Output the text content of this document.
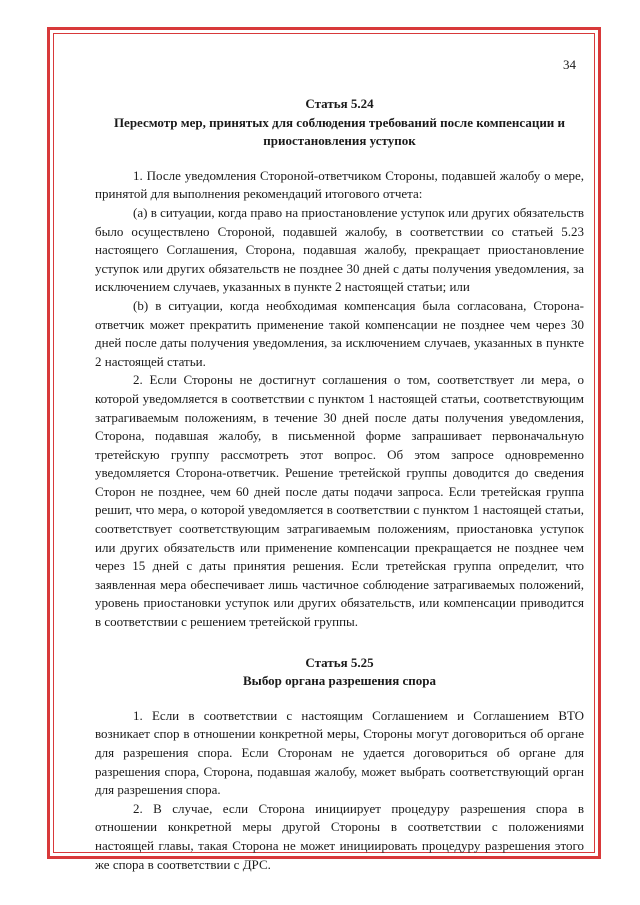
34

Статья 5.24

Пересмотр мер, принятых для соблюдения требований после компенсации и

приостановления уступок

1. После уведомления Стороной-ответчиком Стороны, подавшей жалобу о мере, принятой для выполнения рекомендаций итогового отчета:

(a) в ситуации, когда право на приостановление уступок или других обязательств было осуществлено Стороной, подавшей жалобу, в соответствии со статьей 5.23 настоящего Соглашения, Сторона, подавшая жалобу, прекращает приостановление уступок или других обязательств не позднее 30 дней с даты получения уведомления, за исключением случаев, указанных в пункте 2 настоящей статьи; или

(b) в ситуации, когда необходимая компенсация была согласована, Сторона-ответчик может прекратить применение такой компенсации не позднее чем через 30 дней после даты получения уведомления, за исключением случаев, указанных в пункте 2 настоящей статьи.

2. Если Стороны не достигнут соглашения о том, соответствует ли мера, о которой уведомляется в соответствии с пунктом 1 настоящей статьи, соответствующим затрагиваемым положениям, в течение 30 дней после даты получения уведомления, Сторона, подавшая жалобу, в письменной форме запрашивает первоначальную третейскую группу рассмотреть этот вопрос. Об этом запросе одновременно уведомляется Сторона-ответчик. Решение третейской группы доводится до сведения Сторон не позднее, чем 60 дней после даты подачи запроса. Если третейская группа решит, что мера, о которой уведомляется в соответствии с пунктом 1 настоящей статьи, соответствует соответствующим затрагиваемым положениям, приостановка уступок или других обязательств или применение компенсации прекращается не позднее чем через 15 дней с даты принятия решения. Если третейская группа определит, что заявленная мера обеспечивает лишь частичное соблюдение затрагиваемых положений, уровень приостановки уступок или других обязательств, или компенсации приводится в соответствии с решением третейской группы.

Статья 5.25

Выбор органа разрешения спора

1. Если в соответствии с настоящим Соглашением и Соглашением ВТО возникает спор в отношении конкретной меры, Стороны могут договориться об органе для разрешения спора. Если Сторонам не удается договориться об органе для разрешения спора, Сторона, подавшая жалобу, может выбрать соответствующий орган для разрешения спора.

2. В случае, если Сторона инициирует процедуру разрешения спора в отношении конкретной меры другой Стороны в соответствии с положениями настоящей главы, такая Сторона не может инициировать процедуру разрешения этого же спора в соответствии с ДРС.
